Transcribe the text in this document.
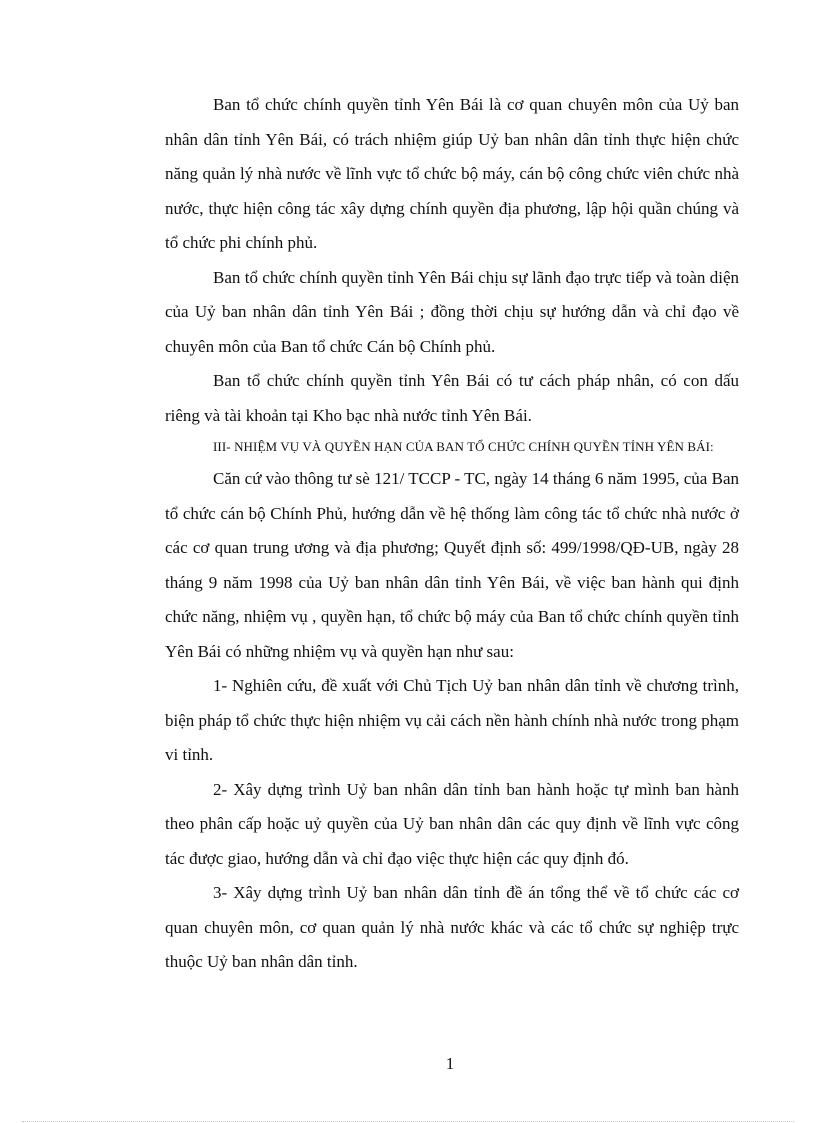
Ban tổ chức chính quyền tỉnh Yên Bái là cơ quan chuyên môn của Uỷ ban nhân dân tỉnh Yên Bái, có trách nhiệm giúp Uỷ ban nhân dân tỉnh thực hiện chức năng quản lý nhà nước về lĩnh vực tổ chức bộ máy, cán bộ công chức viên chức nhà nước, thực hiện công tác xây dựng chính quyền địa phương, lập hội quần chúng và tổ chức phi chính phủ.

Ban tổ chức chính quyền tỉnh Yên Bái chịu sự lãnh đạo trực tiếp và toàn diện của Uỷ ban nhân dân tỉnh Yên Bái ; đồng thời chịu sự hướng dẫn và chỉ đạo về chuyên môn của Ban tổ chức Cán bộ Chính phủ.

Ban tổ chức chính quyền tỉnh Yên Bái có tư cách pháp nhân, có con dấu riêng và tài khoản tại Kho bạc nhà nước tỉnh Yên Bái.

III- NHIỆM VỤ VÀ QUYỀN HẠN CỦA BAN TỔ CHỨC CHÍNH QUYỀN TỈNH YÊN BÁI:

Căn cứ vào thông tư sè 121/ TCCP - TC, ngày 14 tháng 6 năm 1995, của Ban tổ chức cán bộ Chính Phủ, hướng dẫn về hệ thống làm công tác tổ chức nhà nước ở các cơ quan trung ương và địa phương; Quyết định số: 499/1998/QĐ-UB, ngày 28 tháng 9 năm 1998 của Uỷ ban nhân dân tỉnh Yên Bái, về việc ban hành qui định chức năng, nhiệm vụ , quyền hạn, tổ chức bộ máy của Ban tổ chức chính quyền tỉnh Yên Bái có những nhiệm vụ và quyền hạn như sau:

1- Nghiên cứu, đề xuất với Chủ Tịch Uỷ ban nhân dân tỉnh về chương trình, biện pháp tổ chức thực hiện nhiệm vụ cải cách nền hành chính nhà nước trong phạm vi tỉnh.

2- Xây dựng trình Uỷ ban nhân dân tỉnh ban hành hoặc tự mình ban hành theo phân cấp hoặc uỷ quyền của Uỷ ban nhân dân các quy định về lĩnh vực công tác được giao, hướng dẫn và chỉ đạo việc thực hiện các quy định đó.

3- Xây dựng trình Uỷ ban nhân dân tỉnh đề án tổng thể về tổ chức các cơ quan chuyên môn, cơ quan quản lý nhà nước khác và các tổ chức sự nghiệp trực thuộc Uỷ ban nhân dân tỉnh.

1
